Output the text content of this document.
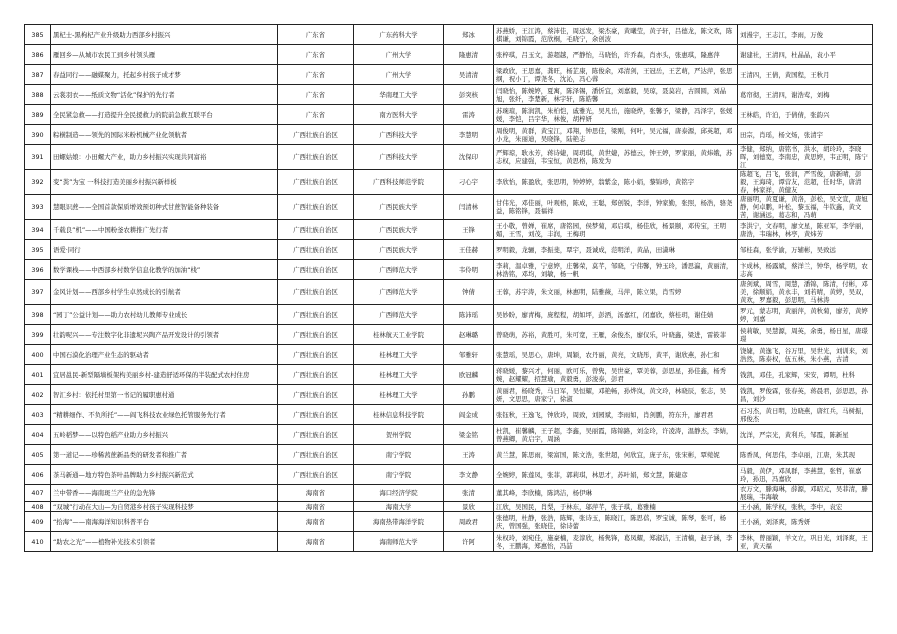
385	黑杞士-黑枸杞产业升级助力西部乡村振兴	广东省	广东药科大学	郑冰	苏燕娇，王江涛，蔡沛佳，周远发，梁杰豪，黄曦莹，黄子轩，吕德龙，陈文欢，陈棋谦，刘锦霞，范欣桐，毛晓宁，余创波	刘漫宇，王志江，李雨，万俊
386	雁回乡—从城市农民工到乡村领头雁	广东省	广州大学	隆惠清	张梓琪，吕玉文，游超越，严静怡，马晓怡，许乔森，肖亦头，张惠琪，隆惠萍	谢建社，王清四，杜晶晶，袁小平
387	春益同行——融媒聚力，托起乡村孩子成才梦	广东省	广州大学	吴清清	梁政欣，王思嘉，龚旺，杨芷康，陈俊余，邓清剑，王冠岳，王艺萌，严达萍，张思纲，祝小丁，谭尧冬，沈沁，冯心蓉	王清四，王倩，黄国程，王秋月
388	云裳羽衣——纸质文物“活化”保护的先行者	广东省	华南理工大学	彭突核	闫晓怡，陈婉婷，夏寓，陈泽锡，潘忻宜，刘嘉毅，吴琼，聂莫岩，古圆圆，刘晶旭，张纤，李楚新，林宇轩，陈皓馨	葛帘彻，王清四，谢浩莺，刘梅
389	全民紧急救——打造提升全民援救力的院前急救互联平台	广东省	南方医科大学	雷涛	苏琬瑄，陈润凯，朱柏恺，戚雅光，吴凡岳，施晓烨，张馨予，梁静，冯泽宇，张媛媛，李恺，吕宇华，林俊，胡梓妍	王林皓，许泊，于倩倩，张韵兴
390	粽横制造——领先的国际米粉机械产业化领航者	广西壮族自治区	广西科技大学	李慧明	周俊明，黄群，黄宝江，邓翔，钟思佳，梁刚，何叶，吴元福，唐泰源，邱英超，邓小龙，朱丽迪，吴晓锋，陆艳志	田宗，肖瑶，杨文炀，张清宇
391	田螺姑娘：小田螺大产业，助力乡村振兴实现共同富裕	广西壮族自治区	广西科技大学	沈保印	严辉琼，耿永芳，蒋诗婕，周玥琪，黄世婕，苏德云，钟王婷，罗家丽，黄炜娥，苏志权，应建强，韦宝恒，黄思格，陈发为	李健，郑纳，唐铭书，洪水，胡玲玲，李晓晖，刘德宽，李南忠，黄思婷，韦正明，陈宁江
392	变“粪”为宝 一科技打造美丽乡村振兴新样板	广西壮族自治区	广西科技师范学院	刁心宇	李欣怡，陈盈欣，张思明，钟婷婷，翁紫金，陈小娟，黎锦珍，黄铭宇	陈超飞，吕飞，张润，严雪俊，唐新晴，彭毅，王海琦，谭营友，范超，任时华，唐清春，林家祥，黄健友
393	慧眼识蔗——全国首款保质增效预切种式甘蔗智能备种装备	广西壮族自治区	广西民族大学	闫清林	甘伟光，邓佳丽，叶观榕，陈成，王聪，郑创锐，李洋，钟家勤，张照，杨浩，骆尧益，陈铭锋，聂福祥	唐丽明，黄夏谦，黄洛，彭松，吴文宣，唐旭静，何卓鹏，叶松，黎玉福，牛钦鑫，黄文苦，谢涵远，葛志和，冯萌
394	千载良”机”——中国粉釜农耕推广先行者	广西壮族自治区	广西民族大学	王锋	王小敬，曾婵，崔席，唐铭园，侯梦菊，邓启琪，杨佳欣，杨景颐，邓传宝，王明媚，王雪，刘茂，丰润，王梅玥	李洪宁，文春明，廖文星，陈亚军，李学丽，唐浩，韦瑞林，林亭，黄炜芳
395	语爱·同行	广西壮族自治区	广西民族大学	王佳赫	罗明毅，龙骊，李振斐，覃宇，聂诚成，范明洋，黄晶，田潇琳	邹桂森，张学渝，万辅彬，吴致远
396	数学课栈——中西部乡村数学信息化教学的加油“栈”	广西壮族自治区	广西师范大学	韦伶明	李莉，温卓雅，宁意婷，庄馨荣，莫芊，邹晓，宁伟馨，钟玉玲，潘思瀛，黄丽清，林浩铭，邓均，刘敏，杨一帆	卞成林，杨露斌，蔡洋兰，钟华，杨学明，农志高
397	金风计划——西部乡村学生卓然成长的引航者	广西壮族自治区	广西师范大学	钟倩	王蓉，苏宇涛，朱文丽，林惠明，陆雅薇，马萍，陈立果，肖雪婷	唐剑斌，周雪，周慧，潘锦，陈清，付彬，邓美，徐顺娟，黄永丰，刘若晴，黄婷，吴双，黄欢，罗嘉毅，彭思明，马林涛
398	“园丁”公益计划——助力农村幼儿教师专业成长	广西壮族自治区	广西师范大学	陈沛瑶	吴妙盼，廖青梅，庞程程，胡如坪，彭洒，汤嘉红，闭嘉欣，蔡桂玥，谢佳婧	罗元，蒙志明，黄丽萍，黄秋菊，廖芳，黄婷婷，刘嘉
399	壮韵呢兴——专注数字化非遗坭兴陶产品开发设计的引领者	广西壮族自治区	桂林航天工业学院	赵琳璐	曾晓萌，苏裕，黄胜可，朱可宽，王雁，余俊杰，廖仅乐，叶晓鑫，梁进，雷筱菲	侯莉敏，吴慧源，周英，余勇，杨日星，唐璟璟
400	中国石漠化治理产业生态的驱动者	广西壮族自治区	桂林理工大学	邹雅轩	张慧瑶，吴思心，唐坤，周颖，农丹丽，黄亮，文晓彤，黄平，谢欣燕，孙仁和	饶婕，黄逸飞，谷万里，吴世光，刘训来，刘浩然，陈泰权，伍五林，朱小燕，古清
401	宜居邕民-新型隔墙板架构美丽乡村-建造舒适环保的半装配式农村住房	广西壮族自治区	桂林理工大学	欧冠麟	蒋晓媛，黎兴才，何丽，欧可乐，曾隽，吴世豪，覃美蓉，彭思星，孙佳鑫，杨秀婉，赵耀耀，招慧瑜，黄毅勇，彭浚泰，彭君	钱凯，邓佳，孔家辉，宋安，谭明，杜科
402	智汇乡村：依托村里第一书记的履职惠村通	广西壮族自治区	桂林理工大学	孙鹏	黄丽君，杨晓秀，马日军，吴恒耀，邓艳畅，孙烨岚，黄文玲，林晓辰，张志，吴妍，文思思，唐家宁，徐淑	钱凯，罗俊霖，张春英，蒋晨君，彭思思，孙昌，刘沙
403	“精耕细作、不负所托”——阎飞科技农业绿色托管服务先行者	广西壮族自治区	桂林信息科技学院	阎金成	张钰秋，王逸飞，钟欣玲，周致，刘园斌，李雨如，肖剑鹏，符东升，廖君君	石习杰，黄日明，边晓燕，唐红兵，马树振，邢俊杰
404	五岭稻梦——以特色稻产业助力乡村振兴	广西壮族自治区	贺州学院	梁金铭	杜凯，崔馨麟，王子超，李鑫，吴丽霞，陈锦路，刘金玲，许凌涛，温静杰，李婧，曾燕卿，黄启宇，周涵	沈洋，严宗光，黄利兵，邹霞，陈新星
405	第一道记——珍稀茜蔗新品类的研发者和推广者	广西壮族自治区	南宁学院	王涛	黄兰慧，陈思雨，梁富国，陈文浩，张世超，何欣宜，庞子东，张宋彬，覃菀妮	陈香凤，何思伟，李卓丽，江唐，朱其现
406	茶马新通—地方特色茶叶品牌助力乡村振兴新范式	广西壮族自治区	南宁学院	李文静	全婉婷，陈莲凤，张菲，郭莉琪，林思才，苏叶娟，郑文慧，陈婕彦	马毅，黄伊，邓凤群，李燕慧，张哲，崔嘉玲，孙迅，冯嘉欣
407	兰中带香——海南斑兰产业的急先锋	海南省	海口经济学院	张清	董其峰，李欣楠，陈鸿洁，杨伊琳	衣万文，滕海琳，薛源，邓昭元，吴菲清，滕展瑞，韦海敏
408	“双城”行动在大山—为自贸港乡村孩子实现科技梦	海南省	海南大学	景欣	江欣，吴国民，肖梨，于林东，邬萍芊，张子琪，葛雅楠	王小涵，陈学权，张秋，李中，袁宏
409	“拾海”——南海海洋知识科普平台	海南省	海南热带海洋学院	周政君	张德明，杜静，张浩，陈辉，张诗玉，陈晓江，陈思蓓，罗宝诚，陈琴，张可，杨庆，曾国强，张晓佳，徐诗蕾	王小涵，刘泽爽，陈秀妍
410	“助农之光”——植物补光技术引领者	海南省	海南师范大学	许阿	朱权玲，刘宛佳，施豪楠，麦淳欣，杨隽锋，葛凤耀，郑淑洁，王清楠，赵子涵，李冬，王鹏海，郑惠怡，冯喆	李林，曾丽颖，羊文立，巩日光，刘泽爽，王亚，黄天福
